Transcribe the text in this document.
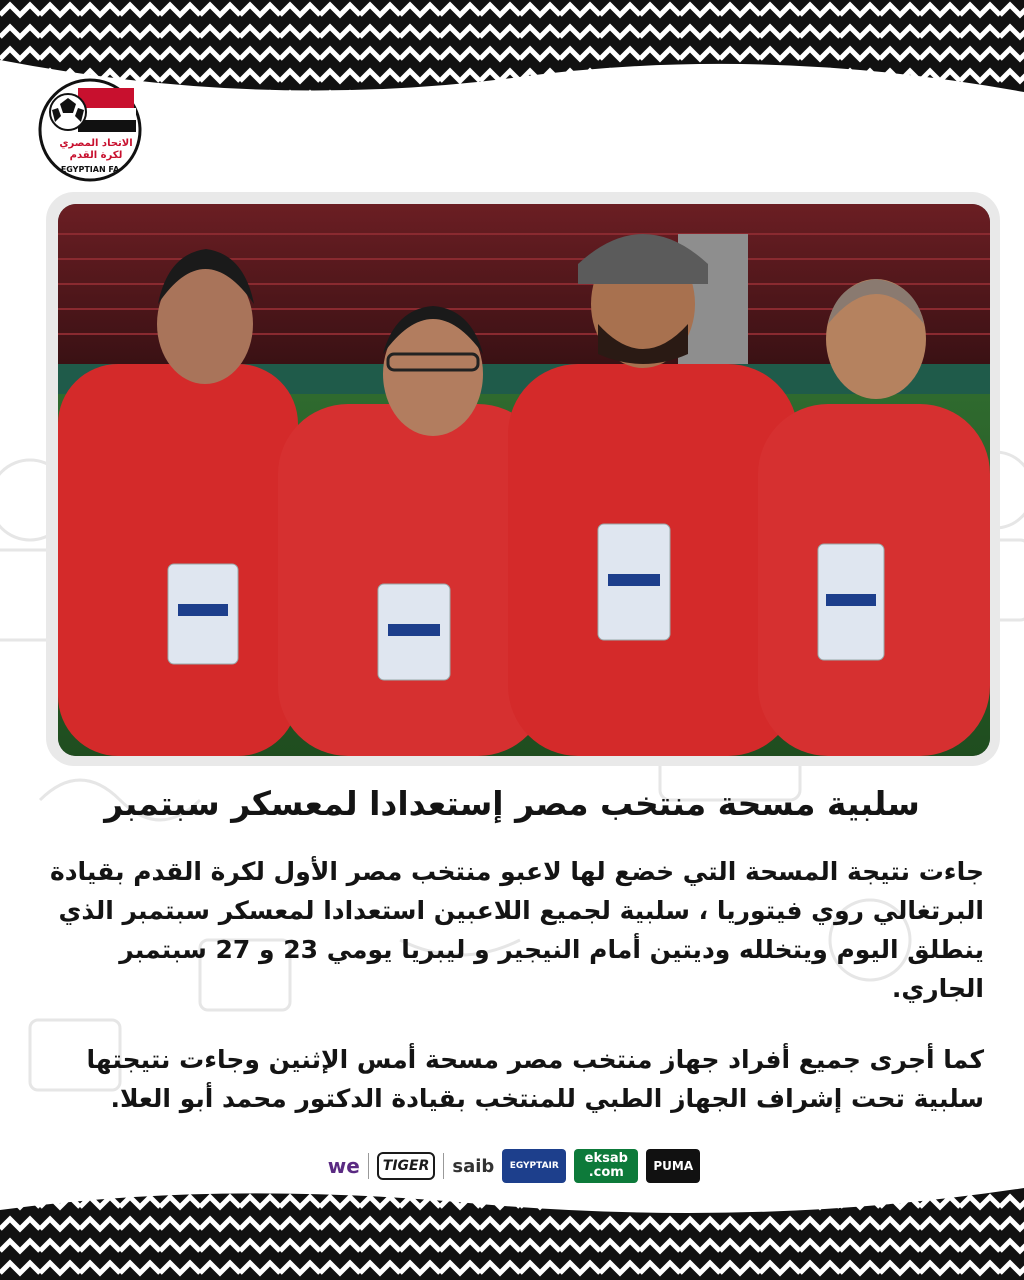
الاتحاد المصري
لكرة القدم
EGYPTIAN FA
سلبية مسحة منتخب مصر إستعدادا لمعسكر سبتمبر

جاءت نتيجة المسحة التي خضع لها لاعبو منتخب مصر الأول لكرة القدم بقيادة البرتغالي روي فيتوريا ، سلبية لجميع اللاعبين استعدادا لمعسكر سبتمبر الذي ينطلق اليوم ويتخلله وديتين أمام النيجير و ليبريا يومي 23 و 27 سبتمبر الجاري.

كما أجرى جميع أفراد جهاز منتخب مصر مسحة أمس الإثنين وجاءت نتيجتها سلبية تحت إشراف الجهاز الطبي للمنتخب بقيادة الدكتور محمد أبو العلا.

we	TIGER	saib EGYPTAIR eksab
.com	PUMA
